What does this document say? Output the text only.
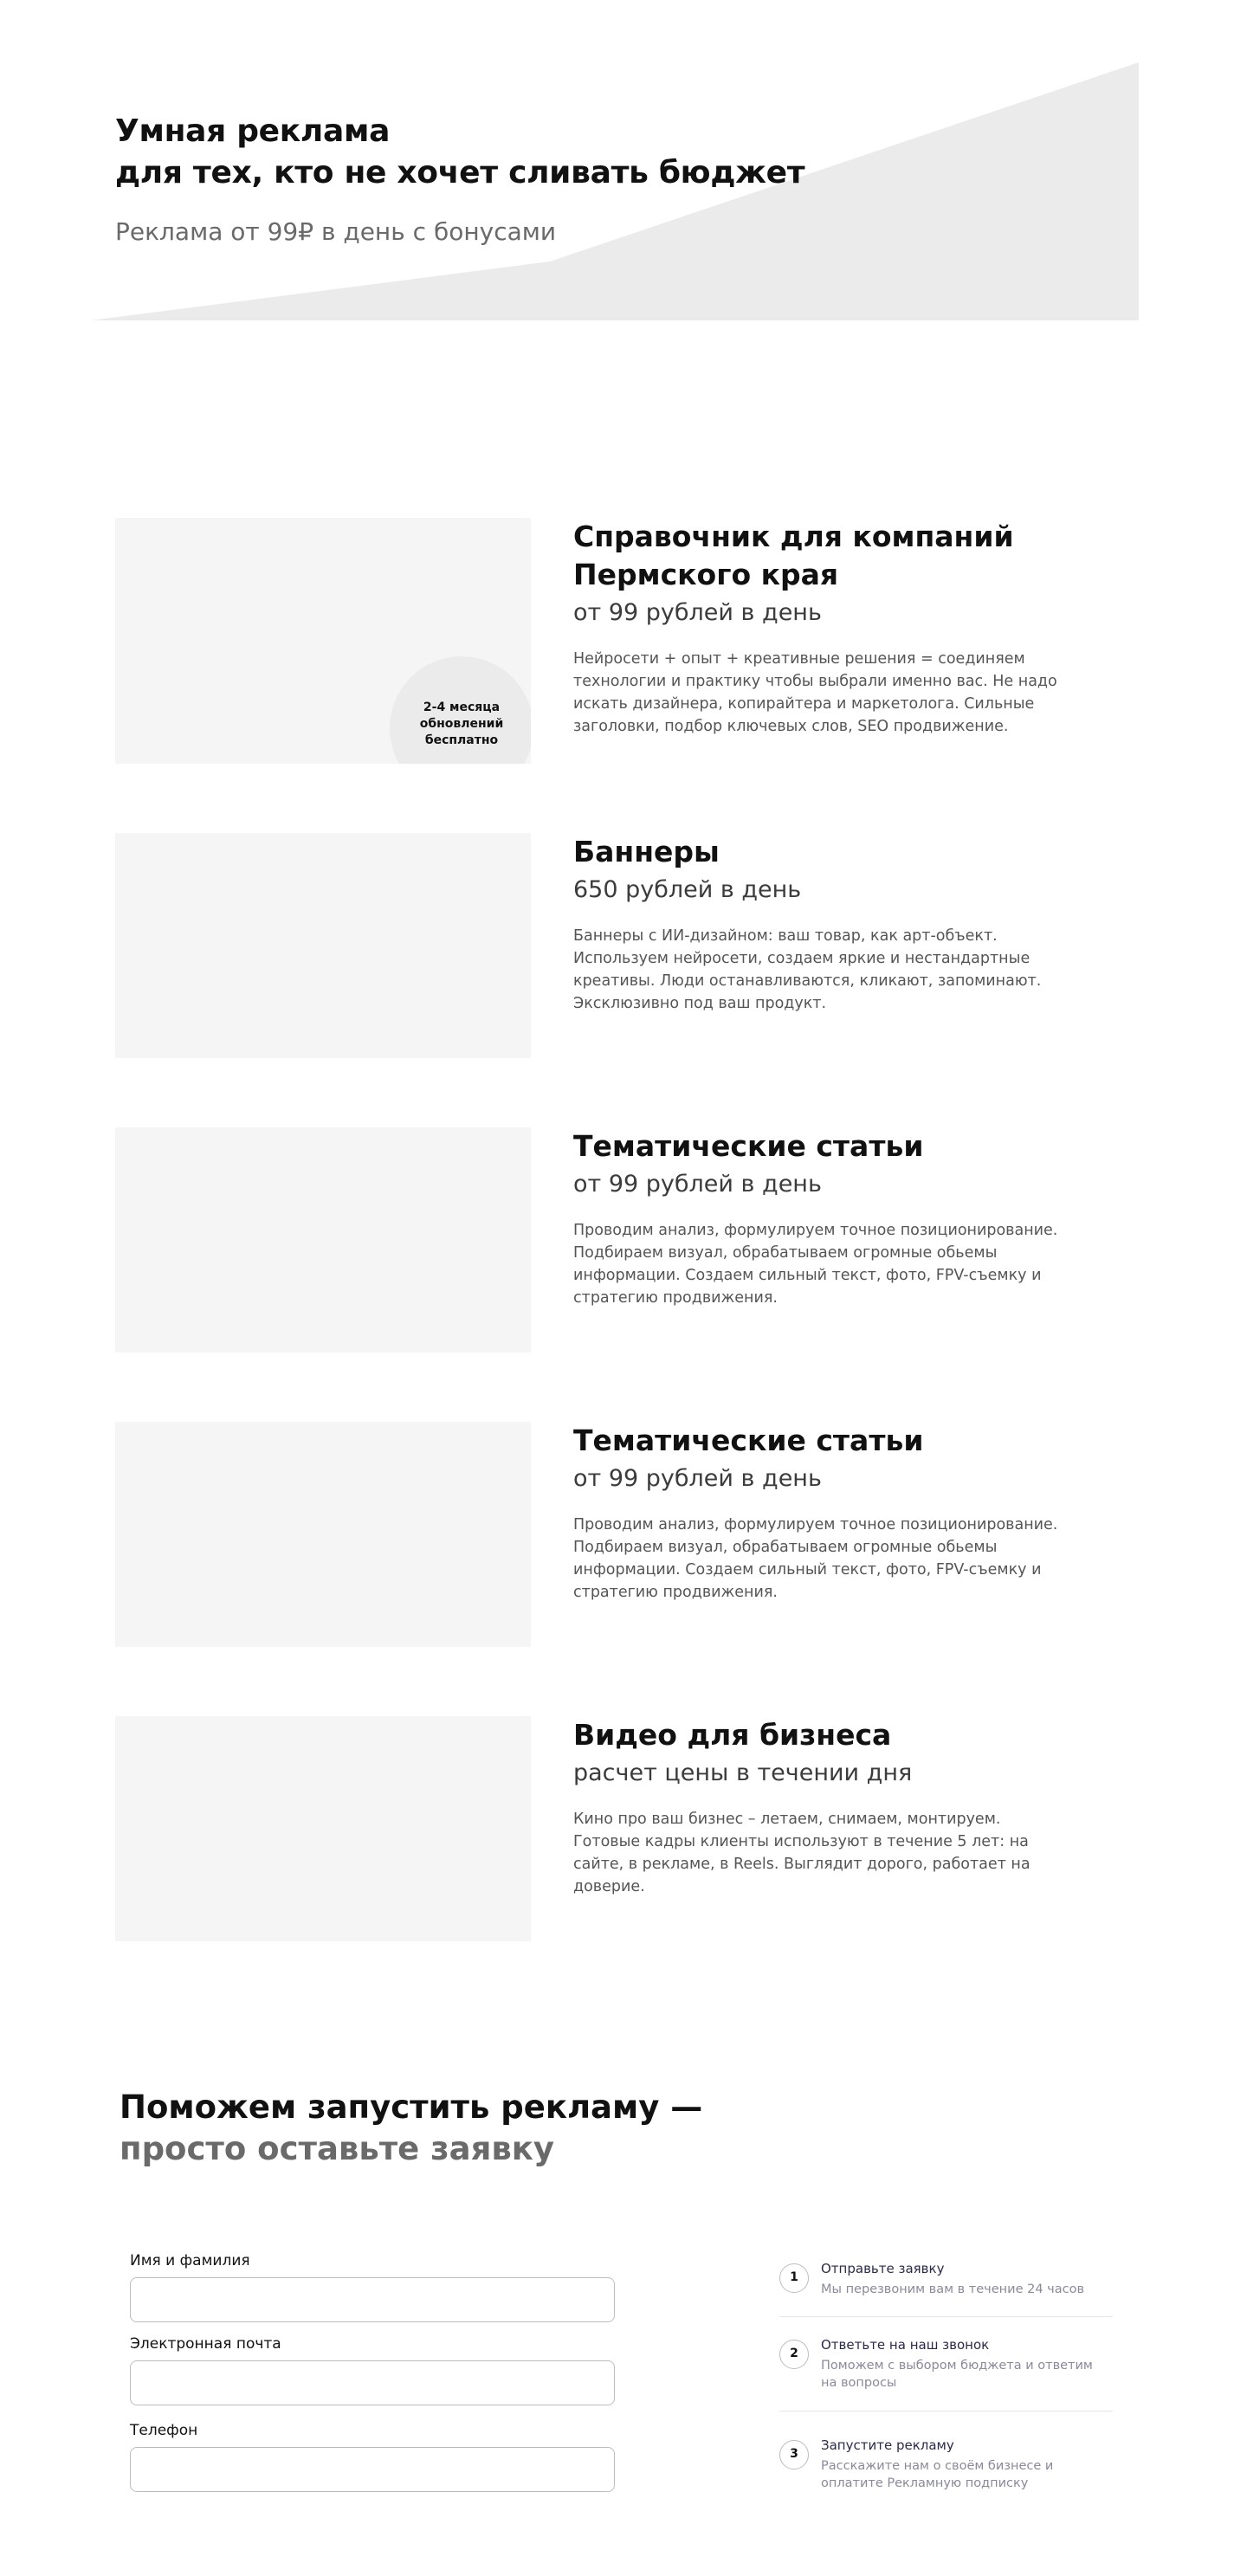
Умная реклама
для тех, кто не хочет сливать бюджет

Реклама от 99₽ в день с бонусами

2-4 месяца
обновлений
бесплатно
Справочник для компаний
Пермского края

от 99 рублей в день

Нейросети + опыт + креативные решения = соединяем технологии и практику чтобы выбрали именно вас. Не надо искать дизайнера, копирайтера и маркетолога. Сильные заголовки, подбор ключевых слов, SEO продвижение.

Баннеры

650 рублей в день

Баннеры с ИИ-дизайном: ваш товар, как арт-объект. Используем нейросети, создаем яркие и нестандартные креативы. Люди останавливаются, кликают, запоминают. Эксклюзивно под ваш продукт.

Тематические статьи

от 99 рублей в день

Проводим анализ, формулируем точное позиционирование. Подбираем визуал, обрабатываем огромные обьемы информации. Создаем сильный текст, фото, FPV-съемку и стратегию продвижения.

Тематические статьи

от 99 рублей в день

Проводим анализ, формулируем точное позиционирование. Подбираем визуал, обрабатываем огромные обьемы информации. Создаем сильный текст, фото, FPV-съемку и стратегию продвижения.

Видео для бизнеса

расчет цены в течении дня

Кино про ваш бизнес – летаем, снимаем, монтируем. Готовые кадры клиенты используют в течение 5 лет: на сайте, в рекламе, в Reels. Выглядит дорого, работает на доверие.

Поможем запустить рекламу —
просто оставьте заявку
Имя и фамилия
Электронная почта
Телефон
1
Отправьте заявку
Мы перезвоним вам в течение 24 часов
2
Ответьте на наш звонок
Поможем с выбором бюджета и ответим на вопросы
3
Запустите рекламу
Расскажите нам о своём бизнесе и оплатите Рекламную подписку
